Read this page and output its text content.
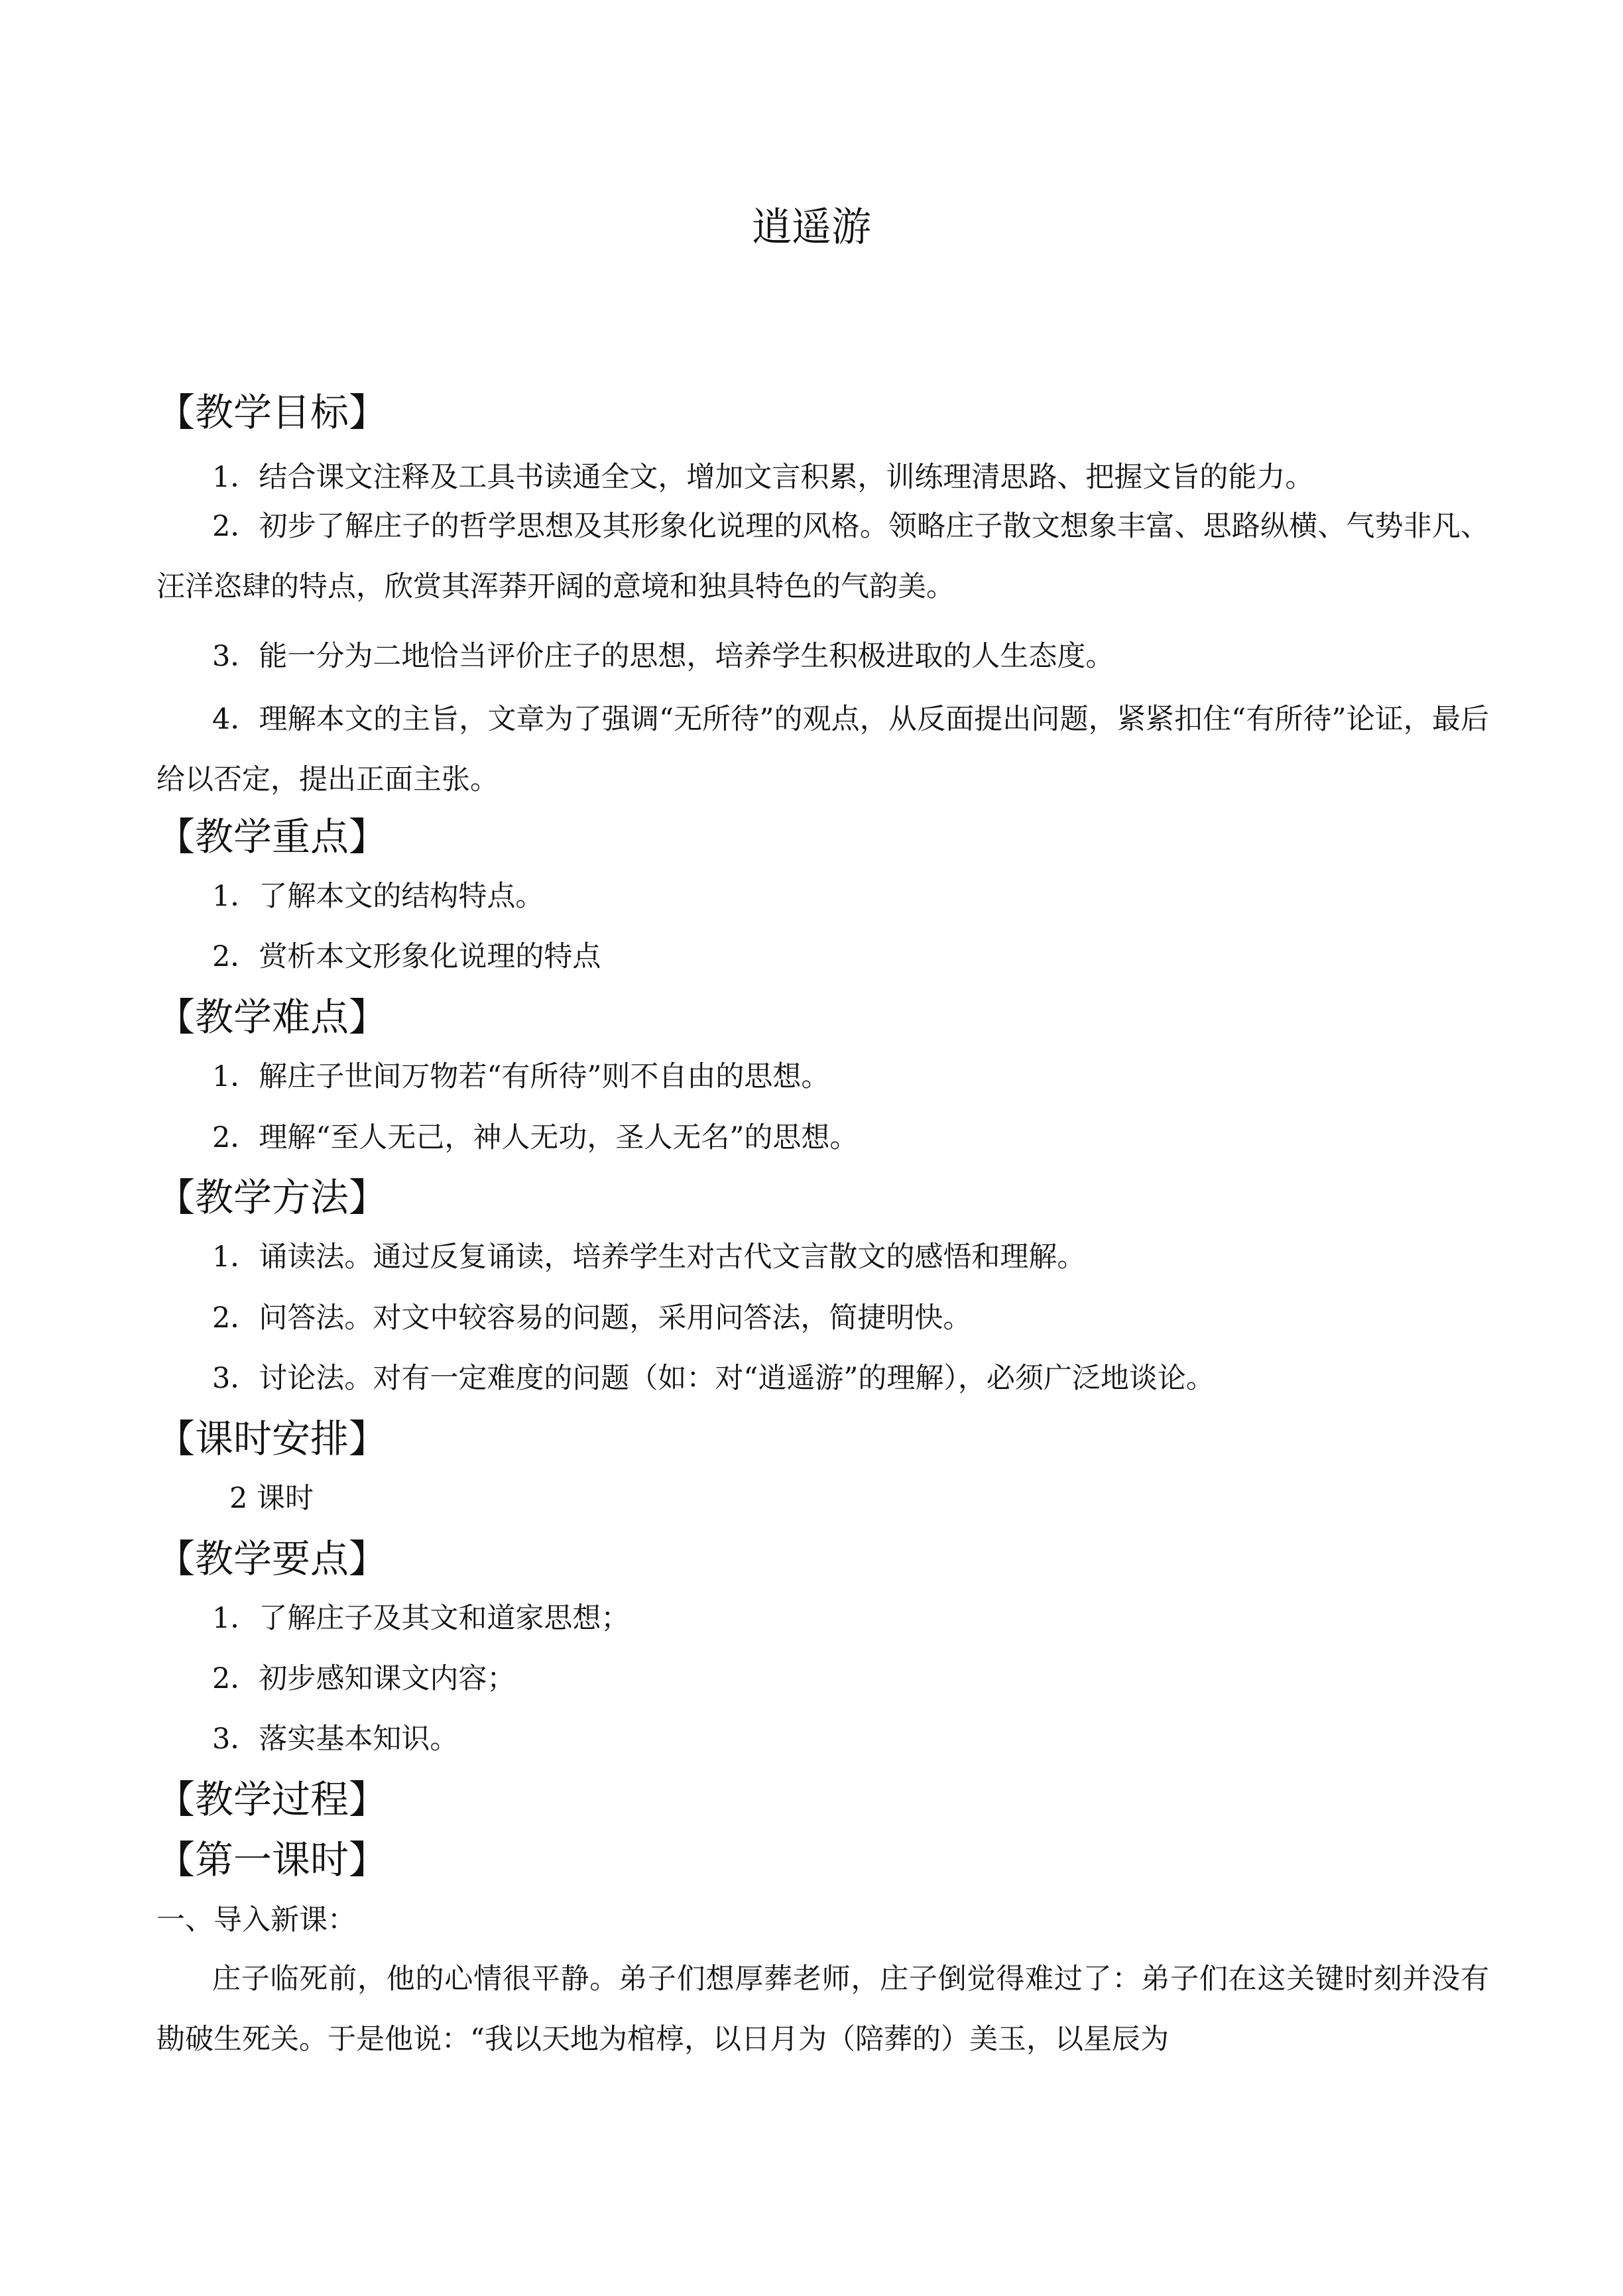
逍遥游
【教学目标】
1．结合课文注释及工具书读通全文，增加文言积累，训练理清思路、把握文旨的能力。
2．初步了解庄子的哲学思想及其形象化说理的风格。领略庄子散文想象丰富、思路纵横、气势非凡、汪洋恣肆的特点，欣赏其浑莽开阔的意境和独具特色的气韵美。
3．能一分为二地恰当评价庄子的思想，培养学生积极进取的人生态度。
4．理解本文的主旨，文章为了强调“无所待”的观点，从反面提出问题，紧紧扣住“有所待”论证，最后给以否定，提出正面主张。
【教学重点】
1．了解本文的结构特点。
2．赏析本文形象化说理的特点
【教学难点】
1．解庄子世间万物若“有所待”则不自由的思想。
2．理解“至人无己，神人无功，圣人无名”的思想。
【教学方法】
1．诵读法。通过反复诵读，培养学生对古代文言散文的感悟和理解。
2．问答法。对文中较容易的问题，采用问答法，简捷明快。
3．讨论法。对有一定难度的问题（如：对“逍遥游”的理解），必须广泛地谈论。
【课时安排】
2 课时
【教学要点】
1．了解庄子及其文和道家思想；
2．初步感知课文内容；
3．落实基本知识。
【教学过程】
【第一课时】
一、导入新课：
庄子临死前，他的心情很平静。弟子们想厚葬老师，庄子倒觉得难过了：弟子们在这关键时刻并没有勘破生死关。于是他说：“我以天地为棺椁，以日月为（陪葬的）美玉，以星辰为
